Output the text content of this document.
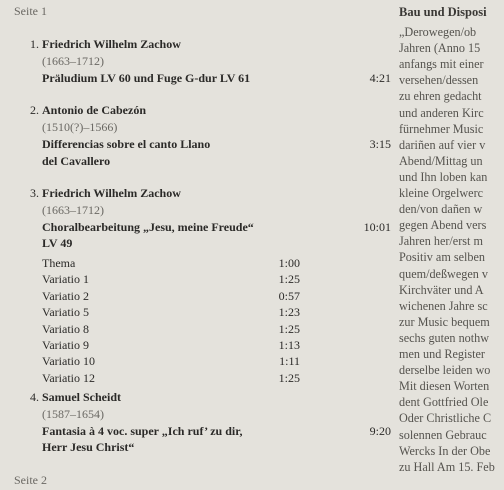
Seite 1
Seite 2
1. Friedrich Wilhelm Zachow
(1663–1712)
Präludium LV 60 und Fuge G-dur LV 61	4:21
2. Antonio de Cabezón
(1510(?)–1566)
Differencias sobre el canto Llano
del Cavallero
3:15
3. Friedrich Wilhelm Zachow
(1663–1712)
Choralbearbeitung „Jesu, meine Freude“
LV 49
10:01
Thema	1:00
Variatio 1	1:25
Variatio 2	0:57
Variatio 5	1:23
Variatio 8	1:25
Variatio 9	1:13
Variatio 10	1:11
Variatio 12	1:25
4. Samuel Scheidt
(1587–1654)
Fantasia à 4 voc. super „Ich ruf’ zu dir,
Herr Jesu Christ“
9:20
Bau und Disposi
„Derowegen/ob
Jahren (Anno 15
anfangs mit einer
versehen/dessen
zu ehren gedacht
und anderen Kirc
fürnehmer Music
dariñen auf vier v
Abend/Mittag un
und Ihn loben kan
kleine Orgelwerc
den/von dañen w
gegen Abend vers
Jahren her/erst m
Positiv am selben
quem/deßwegen v
Kirchväter und A
wichenen Jahre sc
zur Music bequem
sechs guten nothw
men und Register
derselbe leiden wo
Mit diesen Worten
dent Gottfried Ole
Oder Christliche C
solennen Gebrauc
Wercks In der Obe
zu Hall Am 15. Feb
